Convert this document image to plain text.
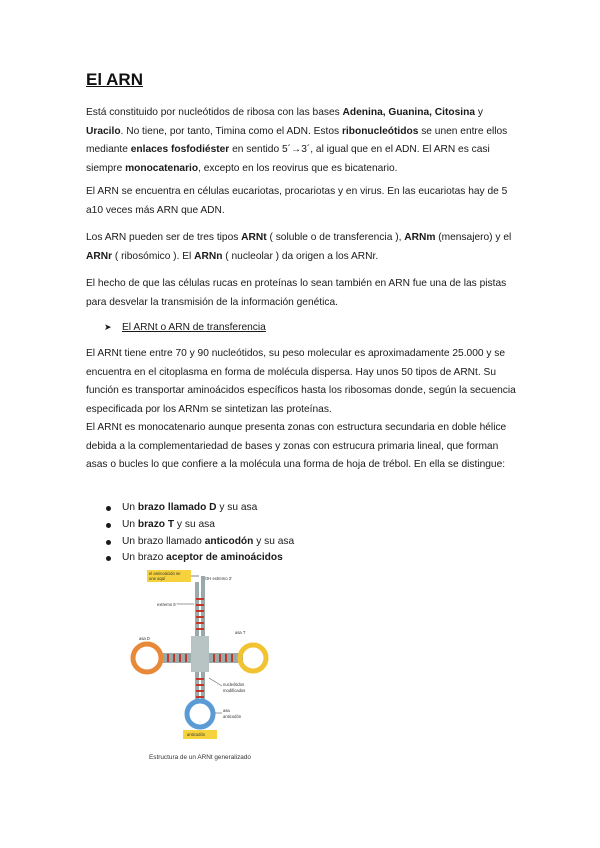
El ARN

Está constituido por nucleótidos de ribosa con las bases Adenina, Guanina, Citosina y Uracilo. No tiene, por tanto, Timina como el ADN. Estos ribonucleótidos se unen entre ellos mediante enlaces fosfodiéster en sentido 5´→3´, al igual que en el ADN. El ARN es casi siempre monocatenario, excepto en los reovirus que es bicatenario.

El ARN se encuentra en células eucariotas, procariotas y en virus. En las eucariotas hay de 5 a10 veces más ARN que ADN.

Los ARN pueden ser de tres tipos ARNt ( soluble o de transferencia ), ARNm (mensajero) y el ARNr ( ribosómico ). El ARNn ( nucleolar ) da origen a los ARNr.

El hecho de que las células rucas en proteínas lo sean también en ARN fue una de las pistas para desvelar la transmisión de la información genética.

➤ El ARNt o ARN de transferencia

El ARNt tiene entre 70 y 90 nucleótidos, su peso molecular es aproximadamente 25.000 y se encuentra en el citoplasma en forma de molécula dispersa. Hay unos 50 tipos de ARNt. Su función es transportar aminoácidos específicos hasta los ribosomas donde, según la secuencia especificada por los ARNm se sintetizan las proteínas.

El ARNt es monocatenario aunque presenta zonas con estructura secundaria en doble hélice debida a la complementariedad de bases y zonas con estrucura primaria lineal, que forman asas o bucles lo que confiere a la molécula una forma de hoja de trébol. En ella se distingue:

Un brazo llamado D y su asa
Un brazo T y su asa
Un brazo llamado anticodón y su asa
Un brazo aceptor de aminoácidos
el aminoácido se
une aquí	OH extremo 3'
extremo 5'
asa D
asa T
nucleótidos
modificados
asa
anticodón
anticodón
Estructura de un ARNt generalizado
